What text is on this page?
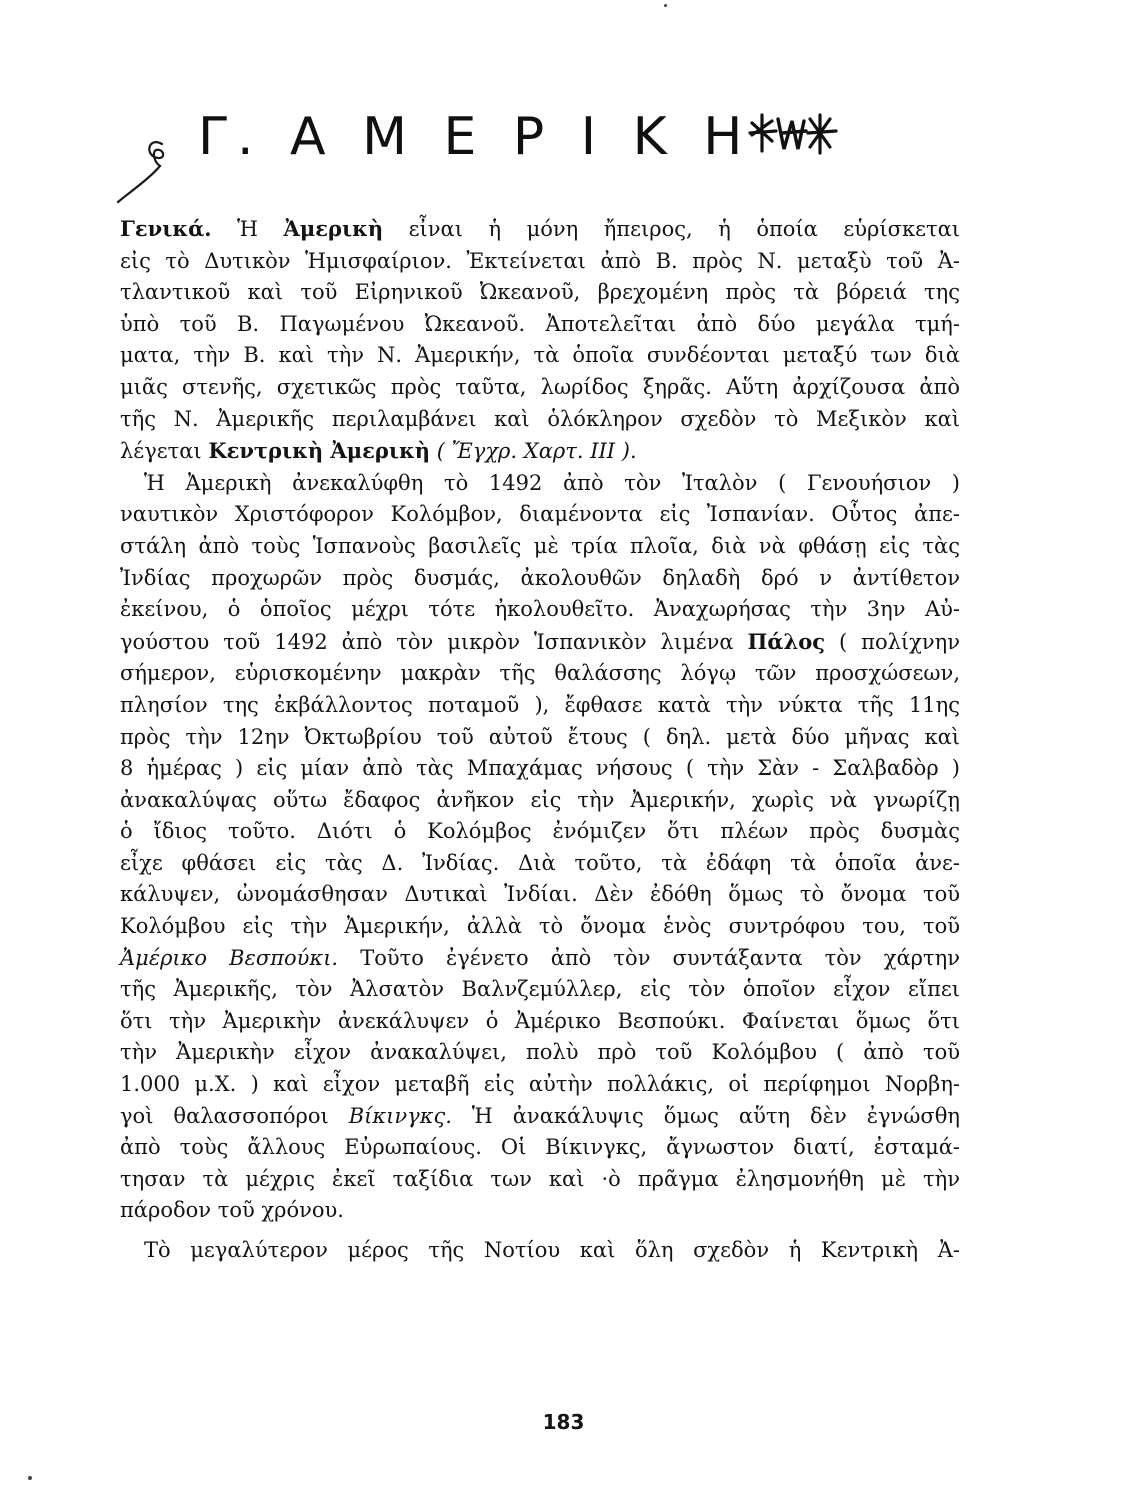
Γ. Α Μ Ε Ρ Ι Κ Η
Γενικά. Ἡ Ἀμερικὴ εἶναι ἡ μόνη ἤπειρος, ἡ ὁποία εὑρίσκεται
εἰς τὸ Δυτικὸν Ἡμισφαίριον. Ἐκτείνεται ἀπὸ Β. πρὸς Ν. μεταξὺ τοῦ Ἀ-
τλαντικοῦ καὶ τοῦ Εἰρηνικοῦ Ὠκεανοῦ, βρεχομένη πρὸς τὰ βόρειά της
ὑπὸ τοῦ Β. Παγωμένου Ὠκεανοῦ. Ἀποτελεῖται ἀπὸ δύο μεγάλα τμή-
ματα, τὴν Β. καὶ τὴν Ν. Ἀμερικήν, τὰ ὁποῖα συνδέονται μεταξύ των διὰ
μιᾶς στενῆς, σχετικῶς πρὸς ταῦτα, λωρίδος ξηρᾶς. Αὕτη ἀρχίζουσα ἀπὸ
τῆς Ν. Ἀμερικῆς περιλαμβάνει καὶ ὁλόκληρον σχεδὸν τὸ Μεξικὸν καὶ
λέγεται Κεντρικὴ Ἀμερικὴ ( Ἔγχρ. Χαρτ. ΙΙΙ ).
Ἡ Ἀμερικὴ ἀνεκαλύφθη τὸ 1492 ἀπὸ τὸν Ἰταλὸν ( Γενουήσιον )
ναυτικὸν Χριστόφορον Κολόμβον, διαμένοντα εἰς Ἰσπανίαν. Οὗτος ἀπε-
στάλη ἀπὸ τοὺς Ἱσπανοὺς βασιλεῖς μὲ τρία πλοῖα, διὰ νὰ φθάσῃ εἰς τὰς
Ἰνδίας προχωρῶν πρὸς δυσμάς, ἀκολουθῶν δηλαδὴ δρό ν ἀντίθετον
ἐκείνου, ὁ ὁποῖος μέχρι τότε ἠκολουθεῖτο. Ἀναχωρήσας τὴν 3ην Αὐ-
γούστου τοῦ 1492 ἀπὸ τὸν μικρὸν Ἱσπανικὸν λιμένα Πάλος ( πολίχνην
σήμερον, εὑρισκομένην μακρὰν τῆς θαλάσσης λόγῳ τῶν προσχώσεων,
πλησίον της ἐκβάλλοντος ποταμοῦ ), ἔφθασε κατὰ τὴν νύκτα τῆς 11ης
πρὸς τὴν 12ην Ὀκτωβρίου τοῦ αὐτοῦ ἔτους ( δηλ. μετὰ δύο μῆνας καὶ
8 ἡμέρας ) εἰς μίαν ἀπὸ τὰς Μπαχάμας νήσους ( τὴν Σὰν - Σαλβαδὸρ )
ἀνακαλύψας οὕτω ἔδαφος ἀνῆκον εἰς τὴν Ἀμερικήν, χωρὶς νὰ γνωρίζῃ
ὁ ἴδιος τοῦτο. Διότι ὁ Κολόμβος ἐνόμιζεν ὅτι πλέων πρὸς δυσμὰς
εἶχε φθάσει εἰς τὰς Δ. Ἰνδίας. Διὰ τοῦτο, τὰ ἐδάφη τὰ ὁποῖα ἀνε-
κάλυψεν, ὠνομάσθησαν Δυτικαὶ Ἰνδίαι. Δὲν ἐδόθη ὅμως τὸ ὄνομα τοῦ
Κολόμβου εἰς τὴν Ἀμερικήν, ἀλλὰ τὸ ὄνομα ἑνὸς συντρόφου του, τοῦ
Ἀμέρικο Βεσπούκι. Τοῦτο ἐγένετο ἀπὸ τὸν συντάξαντα τὸν χάρτην
τῆς Ἀμερικῆς, τὸν Ἀλσατὸν Βαλνζεμύλλερ, εἰς τὸν ὁποῖον εἶχον εἴπει
ὅτι τὴν Ἀμερικὴν ἀνεκάλυψεν ὁ Ἀμέρικο Βεσπούκι. Φαίνεται ὅμως ὅτι
τὴν Ἀμερικὴν εἶχον ἀνακαλύψει, πολὺ πρὸ τοῦ Κολόμβου ( ἀπὸ τοῦ
1.000 μ.Χ. ) καὶ εἶχον μεταβῆ εἰς αὐτὴν πολλάκις, οἱ περίφημοι Νορβη-
γοὶ θαλασσοπόροι Βίκινγκς. Ἡ ἀνακάλυψις ὅμως αὕτη δὲν ἐγνώσθη
ἀπὸ τοὺς ἄλλους Εὐρωπαίους. Οἱ Βίκινγκς, ἄγνωστον διατί, ἐσταμά-
τησαν τὰ μέχρις ἐκεῖ ταξίδια των καὶ ·ὸ πρᾶγμα ἐλησμονήθη μὲ τὴν
πάροδον τοῦ χρόνου.
Τὸ μεγαλύτερον μέρος τῆς Νοτίου καὶ ὅλη σχεδὸν ἡ Κεντρικὴ Ἀ-
183
